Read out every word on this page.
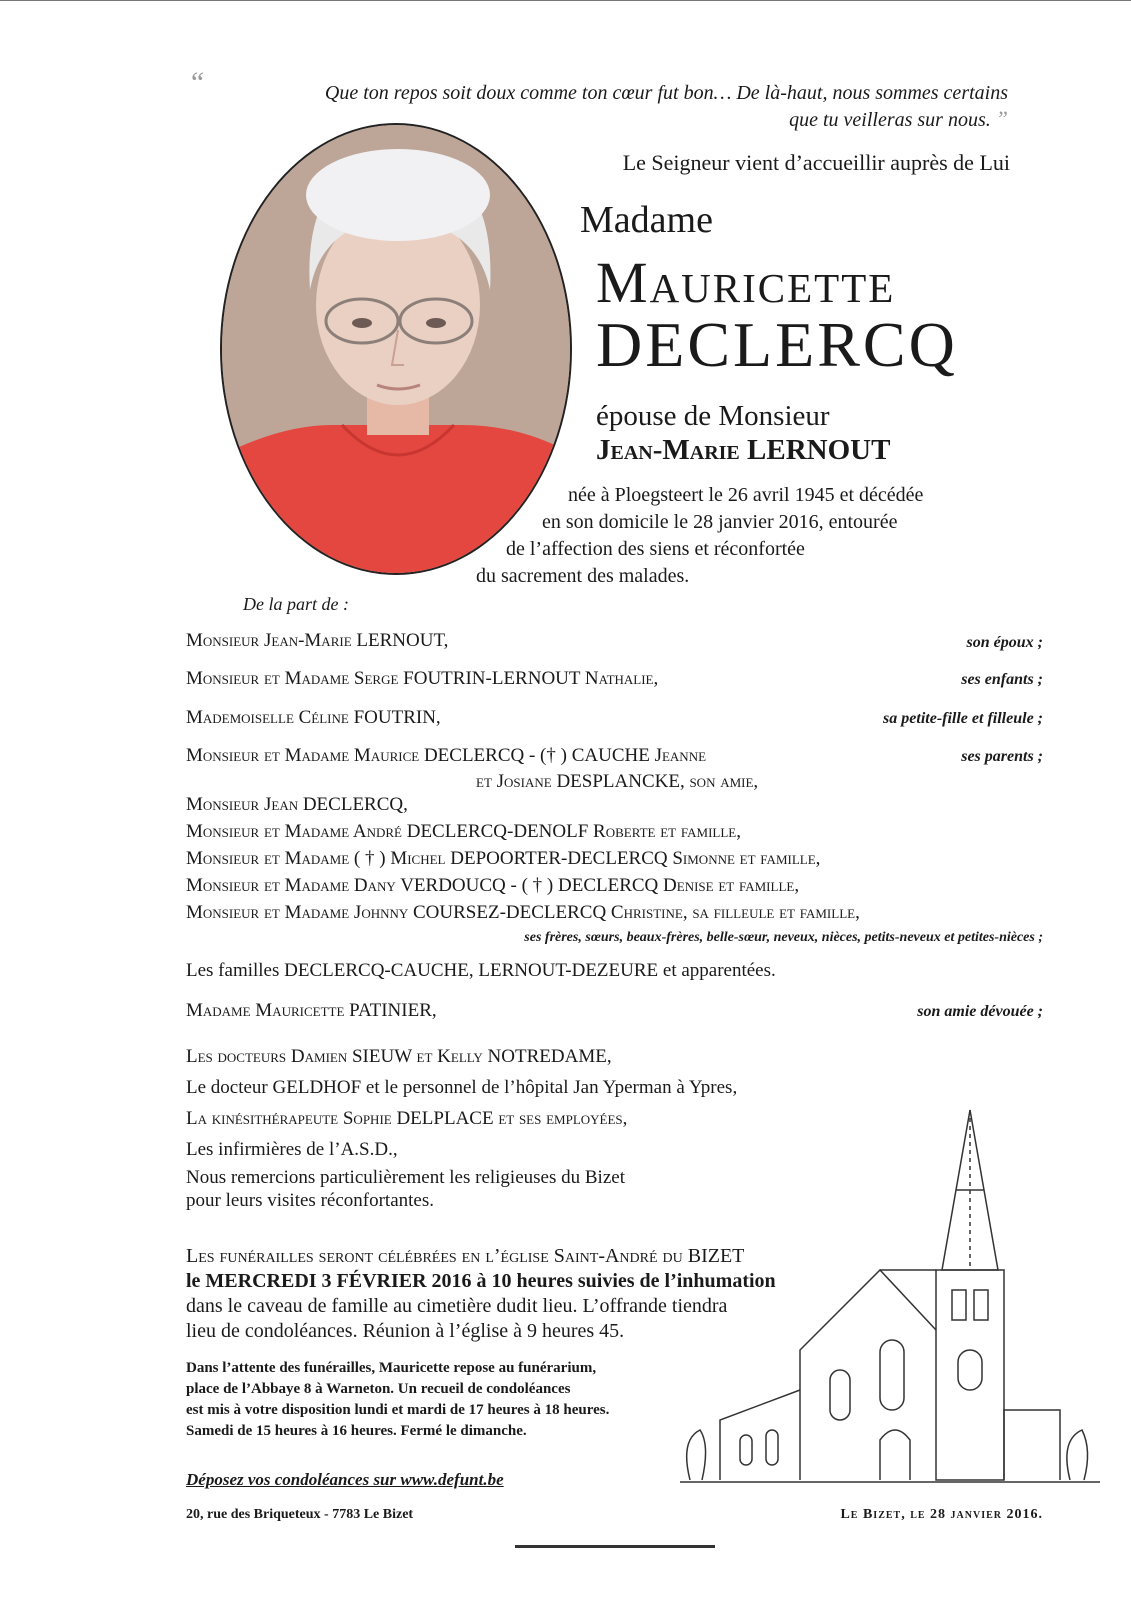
“	Que ton repos soit doux comme ton cœur fut bon… De là-haut, nous sommes certains
que tu veilleras sur nous. ”
Le Seigneur vient d’accueillir auprès de Lui
Madame
Mauricette
DECLERCQ
épouse de Monsieur
Jean-Marie LERNOUT
née à Ploegsteert le 26 avril 1945 et décédée
en son domicile le 28 janvier 2016, entourée
de l’affection des siens et réconfortée
du sacrement des malades.
De la part de :
Monsieur Jean-Marie LERNOUT,	son époux ;
Monsieur et Madame Serge FOUTRIN-LERNOUT Nathalie,	ses enfants ;
Mademoiselle Céline FOUTRIN,	sa petite-fille et filleule ;
Monsieur et Madame Maurice DECLERCQ - († ) CAUCHE Jeanne	ses parents ;
et Josiane DESPLANCKE, son amie,
Monsieur Jean DECLERCQ,
Monsieur et Madame André DECLERCQ-DENOLF Roberte et famille,
Monsieur et Madame ( † ) Michel DEPOORTER-DECLERCQ Simonne et famille,
Monsieur et Madame Dany VERDOUCQ - ( † ) DECLERCQ Denise et famille,
Monsieur et Madame Johnny COURSEZ-DECLERCQ Christine, sa filleule et famille,
ses frères, sœurs, beaux-frères, belle-sœur, neveux, nièces, petits-neveux et petites-nièces ;
Les familles DECLERCQ-CAUCHE, LERNOUT-DEZEURE et apparentées.
Madame Mauricette PATINIER,	son amie dévouée ;
Les docteurs Damien SIEUW et Kelly NOTREDAME,
Le docteur GELDHOF et le personnel de l’hôpital Jan Yperman à Ypres,
La kinésithérapeute Sophie DELPLACE et ses employées,
Les infirmières de l’A.S.D.,
Nous remercions particulièrement les religieuses du Bizet
pour leurs visites réconfortantes.
Les funérailles seront célébrées en l’église Saint-André du BIZET
le MERCREDI 3 FÉVRIER 2016 à 10 heures suivies de l’inhumation
dans le caveau de famille au cimetière dudit lieu. L’offrande tiendra
lieu de condoléances. Réunion à l’église à 9 heures 45.
Dans l’attente des funérailles, Mauricette repose au funérarium,
place de l’Abbaye 8 à Warneton. Un recueil de condoléances
est mis à votre disposition lundi et mardi de 17 heures à 18 heures.
Samedi de 15 heures à 16 heures. Fermé le dimanche.
Déposez vos condoléances sur www.defunt.be
20, rue des Briqueteux - 7783 Le Bizet	Le Bizet, le 28 janvier 2016.
